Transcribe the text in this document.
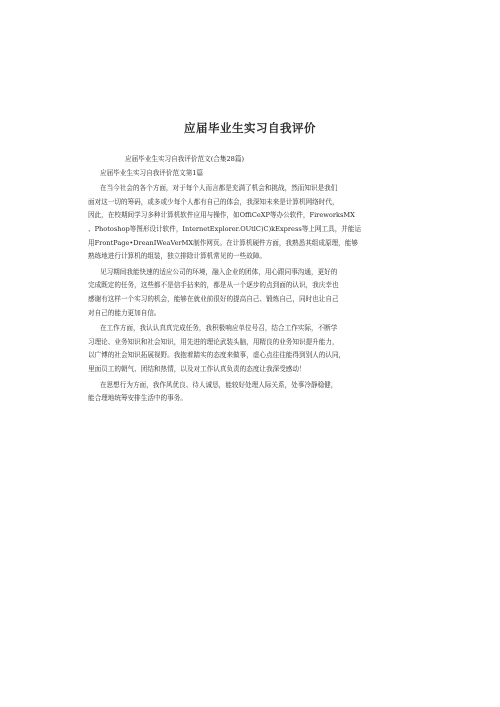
应届毕业生实习自我评价
应届毕业生实习自我评价范文(合集28篇)
应届毕业生实习自我评价范文第1篇
在当今社会的各个方面，对于每个人而言都是充满了机会和挑战，然而知识是我们
面对这一切的筹码，或多或少每个人都有自己的体会，我深知未来是计算机网络时代，
因此，在校期间学习多种计算机软件应用与操作，如OffiCeXP等办公软件，FireworksMX
、Photoshop等图形设计软件，InternetExplorer.OUtlC)C)kExpress等上网工具，并能运
用FrontPage•DreanIWeaVerMX制作网页。在计算机硬件方面，我熟悉其组成原理，能够
熟练地进行计算机的组装，独立排除计算机常见的一些故障。
见习期间我能快速的适应公司的环境，融入企业的团体，用心跟同事沟通，更好的
完成既定的任务，这些都不是信手拈来的，都是从一个逐步的点到面的认识，我庆幸也
感谢有这样一个实习的机会，能够在就业前很好的提高自己、锻炼自己，同时也让自己
对自己的能力更加自信。
在工作方面，我认认真真完成任务，我积极响应单位号召，结合工作实际，不断学
习理论、业务知识和社会知识，用先进的理论武装头脑，用精良的业务知识提升能力，
以广博的社会知识拓展视野。我抱着踏实的态度来做事，虚心点往往能得到别人的认同，
里面员工的朝气、团结和热情，以及对工作认真负责的态度让我深受感动！
在思想行为方面，我作风优良、待人诚恳，能较好处理人际关系，处事冷静稳健，
能合理地统筹安排生活中的事务。
